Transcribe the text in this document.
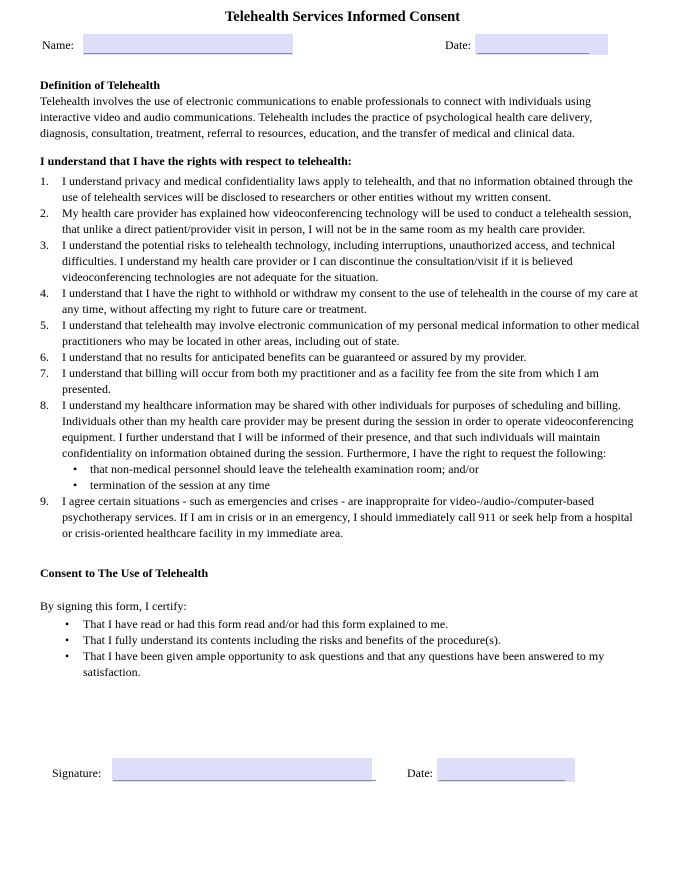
Telehealth Services Informed Consent
Name:	Date:
Definition of Telehealth

Telehealth involves the use of electronic communications to enable professionals to connect with individuals using interactive video and audio communications. Telehealth includes the practice of psychological health care delivery, diagnosis, consultation, treatment, referral to resources, education, and the transfer of medical and clinical data.

I understand that I have the rights with respect to telehealth:
I understand privacy and medical confidentiality laws apply to telehealth, and that no information obtained through the use of telehealth services will be disclosed to researchers or other entities without my written consent.
My health care provider has explained how videoconferencing technology will be used to conduct a telehealth session, that unlike a direct patient/provider visit in person, I will not be in the same room as my health care provider.
I understand the potential risks to telehealth technology, including interruptions, unauthorized access, and technical difficulties. I understand my health care provider or I can discontinue the consultation/visit if it is believed videoconferencing technologies are not adequate for the situation.
I understand that I have the right to withhold or withdraw my consent to the use of telehealth in the course of my care at any time, without affecting my right to future care or treatment.
I understand that telehealth may involve electronic communication of my personal medical information to other medical practitioners who may be located in other areas, including out of state.
I understand that no results for anticipated benefits can be guaranteed or assured by my provider.
I understand that billing will occur from both my practitioner and as a facility fee from the site from which I am presented.
I understand my healthcare information may be shared with other individuals for purposes of scheduling and billing. Individuals other than my health care provider may be present during the session in order to operate videoconferencing equipment. I further understand that I will be informed of their presence, and that such individuals will maintain confidentiality on information obtained during the session. Furthermore, I have the right to request the following:
• that non-medical personnel should leave the telehealth examination room; and/or
• termination of the session at any time
I agree certain situations - such as emergencies and crises - are inappropraite for video-/audio-/computer-based psychotherapy services. If I am in crisis or in an emergency, I should immediately call 911 or seek help from a hospital or crisis-oriented healthcare facility in my immediate area.
Consent to The Use of Telehealth

By signing this form, I certify:

• That I have read or had this form read and/or had this form explained to me.
• That I fully understand its contents including the risks and benefits of the procedure(s).
• That I have been given ample opportunity to ask questions and that any questions have been answered to my satisfaction.
Signature:	Date:
